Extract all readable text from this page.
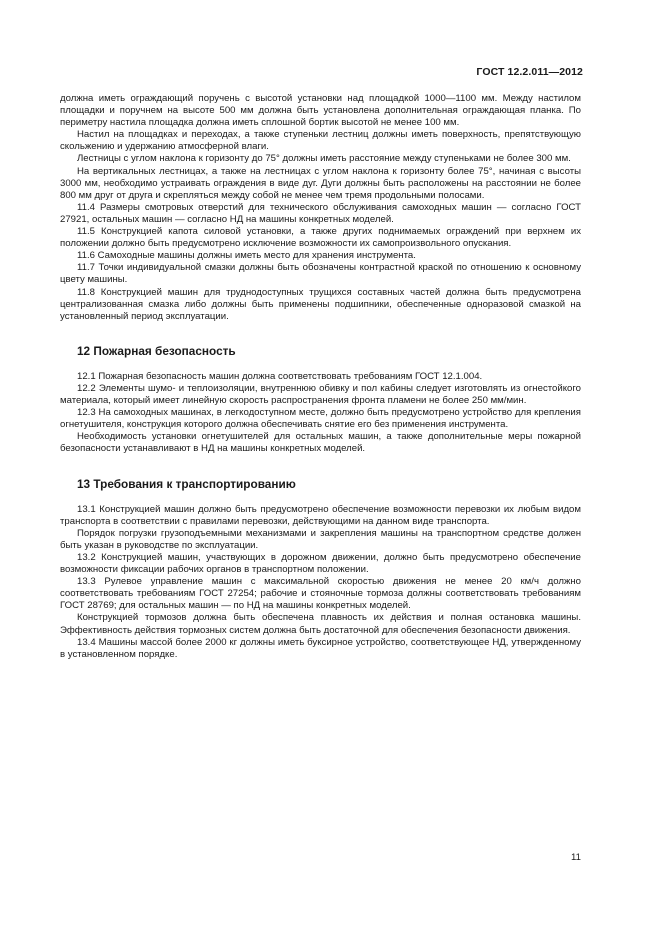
ГОСТ 12.2.011—2012

должна иметь ограждающий поручень с высотой установки над площадкой 1000—1100 мм. Между настилом площадки и поручнем на высоте 500 мм должна быть установлена дополнительная ограждающая планка. По периметру настила площадка должна иметь сплошной бортик высотой не менее 100 мм.

Настил на площадках и переходах, а также ступеньки лестниц должны иметь поверхность, препятствующую скольжению и удержанию атмосферной влаги.

Лестницы с углом наклона к горизонту до 75° должны иметь расстояние между ступеньками не более 300 мм.

На вертикальных лестницах, а также на лестницах с углом наклона к горизонту более 75°, начиная с высоты 3000 мм, необходимо устраивать ограждения в виде дуг. Дуги должны быть расположены на расстоянии не более 800 мм друг от друга и скрепляться между собой не менее чем тремя продольными полосами.

11.4 Размеры смотровых отверстий для технического обслуживания самоходных машин — согласно ГОСТ 27921, остальных машин — согласно НД на машины конкретных моделей.

11.5 Конструкцией капота силовой установки, а также других поднимаемых ограждений при верхнем их положении должно быть предусмотрено исключение возможности их самопроизвольного опускания.

11.6 Самоходные машины должны иметь место для хранения инструмента.

11.7 Точки индивидуальной смазки должны быть обозначены контрастной краской по отношению к основному цвету машины.

11.8 Конструкцией машин для труднодоступных трущихся составных частей должна быть предусмотрена централизованная смазка либо должны быть применены подшипники, обеспеченные одноразовой смазкой на установленный период эксплуатации.

12 Пожарная безопасность

12.1 Пожарная безопасность машин должна соответствовать требованиям ГОСТ 12.1.004.

12.2 Элементы шумо- и теплоизоляции, внутреннюю обивку и пол кабины следует изготовлять из огнестойкого материала, который имеет линейную скорость распространения фронта пламени не более 250 мм/мин.

12.3 На самоходных машинах, в легкодоступном месте, должно быть предусмотрено устройство для крепления огнетушителя, конструкция которого должна обеспечивать снятие его без применения инструмента.

Необходимость установки огнетушителей для остальных машин, а также дополнительные меры пожарной безопасности устанавливают в НД на машины конкретных моделей.

13 Требования к транспортированию

13.1 Конструкцией машин должно быть предусмотрено обеспечение возможности перевозки их любым видом транспорта в соответствии с правилами перевозки, действующими на данном виде транспорта.

Порядок погрузки грузоподъемными механизмами и закрепления машины на транспортном средстве должен быть указан в руководстве по эксплуатации.

13.2 Конструкцией машин, участвующих в дорожном движении, должно быть предусмотрено обеспечение возможности фиксации рабочих органов в транспортном положении.

13.3 Рулевое управление машин с максимальной скоростью движения не менее 20 км/ч должно соответствовать требованиям ГОСТ 27254; рабочие и стояночные тормоза должны соответствовать требованиям ГОСТ 28769; для остальных машин — по НД на машины конкретных моделей.

Конструкцией тормозов должна быть обеспечена плавность их действия и полная остановка машины. Эффективность действия тормозных систем должна быть достаточной для обеспечения безопасности движения.

13.4 Машины массой более 2000 кг должны иметь буксирное устройство, соответствующее НД, утвержденному в установленном порядке.

11
